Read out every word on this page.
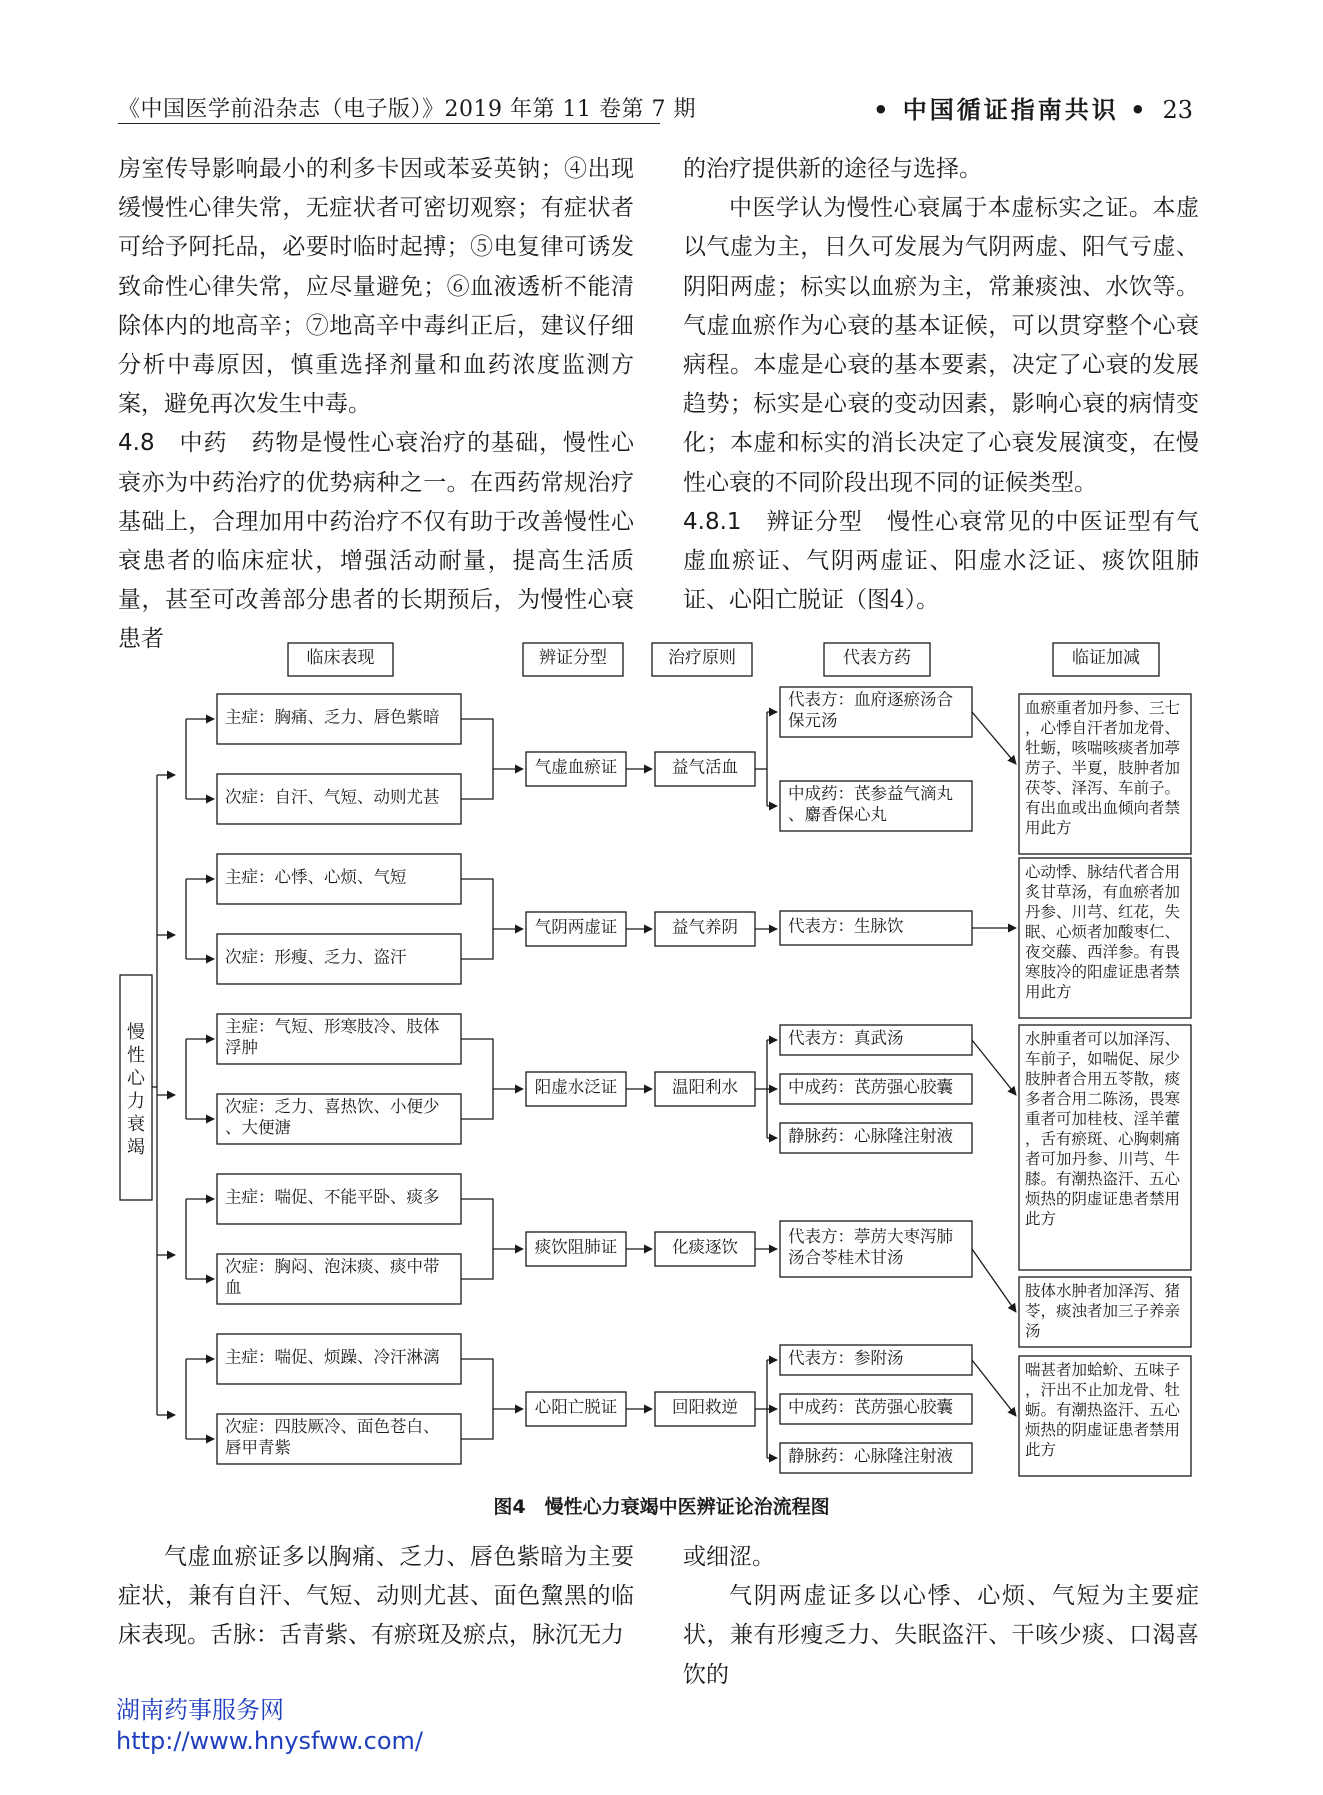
《中国医学前沿杂志（电子版）》2019 年第 11 卷第 7 期	• 中国循证指南共识 • 23

房室传导影响最小的利多卡因或苯妥英钠；④出现缓慢性心律失常，无症状者可密切观察；有症状者可给予阿托品，必要时临时起搏；⑤电复律可诱发致命性心律失常，应尽量避免；⑥血液透析不能清除体内的地高辛；⑦地高辛中毒纠正后，建议仔细分析中毒原因，慎重选择剂量和血药浓度监测方案，避免再次发生中毒。

4.8　中药　药物是慢性心衰治疗的基础，慢性心衰亦为中药治疗的优势病种之一。在西药常规治疗基础上，合理加用中药治疗不仅有助于改善慢性心衰患者的临床症状，增强活动耐量，提高生活质量，甚至可改善部分患者的长期预后，为慢性心衰患者

的治疗提供新的途径与选择。

中医学认为慢性心衰属于本虚标实之证。本虚以气虚为主，日久可发展为气阴两虚、阳气亏虚、阴阳两虚；标实以血瘀为主，常兼痰浊、水饮等。气虚血瘀作为心衰的基本证候，可以贯穿整个心衰病程。本虚是心衰的基本要素，决定了心衰的发展趋势；标实是心衰的变动因素，影响心衰的病情变化；本虚和标实的消长决定了心衰发展演变，在慢性心衰的不同阶段出现不同的证候类型。

4.8.1　辨证分型　慢性心衰常见的中医证型有气虚血瘀证、气阴两虚证、阳虚水泛证、痰饮阻肺证、心阳亡脱证（图4）。

临床表现	辨证分型	治疗原则	代表方药	临证加减
慢
性
心
力
衰
竭
主症：胸痛、乏力、唇色紫暗
次症：自汗、气短、动则尤甚
气虚血瘀证	益气活血
代表方：血府逐瘀汤合
保元汤
中成药：芪参益气滴丸
、麝香保心丸
血瘀重者加丹参、三七
，心悸自汗者加龙骨、
牡蛎，咳喘咳痰者加葶
苈子、半夏，肢肿者加
茯苓、泽泻、车前子。
有出血或出血倾向者禁
用此方
主症：心悸、心烦、气短
次症：形瘦、乏力、盗汗
气阴两虚证	益气养阴	代表方：生脉饮
心动悸、脉结代者合用
炙甘草汤，有血瘀者加
丹参、川芎、红花，失
眠、心烦者加酸枣仁、
夜交藤、西洋参。有畏
寒肢冷的阳虚证患者禁
用此方
主症：气短、形寒肢冷、肢体
浮肿
次症：乏力、喜热饮、小便少
、大便溏
阳虚水泛证	温阳利水
代表方：真武汤
中成药：芪苈强心胶囊
静脉药：心脉隆注射液
水肿重者可以加泽泻、
车前子，如喘促、尿少
肢肿者合用五苓散，痰
多者合用二陈汤，畏寒
重者可加桂枝、淫羊藿
，舌有瘀斑、心胸刺痛
者可加丹参、川芎、牛
膝。有潮热盗汗、五心
烦热的阴虚证患者禁用
此方
主症：喘促、不能平卧、痰多
次症：胸闷、泡沫痰、痰中带
血
痰饮阻肺证	化痰逐饮
代表方：葶苈大枣泻肺
汤合苓桂术甘汤
肢体水肿者加泽泻、猪
苓，痰浊者加三子养亲
汤
主症：喘促、烦躁、冷汗淋漓
次症：四肢厥冷、面色苍白、
唇甲青紫
心阳亡脱证	回阳救逆
代表方：参附汤
中成药：芪苈强心胶囊
静脉药：心脉隆注射液
喘甚者加蛤蚧、五味子
，汗出不止加龙骨、牡
蛎。有潮热盗汗、五心
烦热的阴虚证患者禁用
此方
图4　慢性心力衰竭中医辨证论治流程图

气虚血瘀证多以胸痛、乏力、唇色紫暗为主要症状，兼有自汗、气短、动则尤甚、面色黧黑的临床表现。舌脉：舌青紫、有瘀斑及瘀点，脉沉无力

或细涩。

气阴两虚证多以心悸、心烦、气短为主要症状，兼有形瘦乏力、失眠盗汗、干咳少痰、口渴喜饮的

湖南药事服务网
http://www.hnysfww.com/
